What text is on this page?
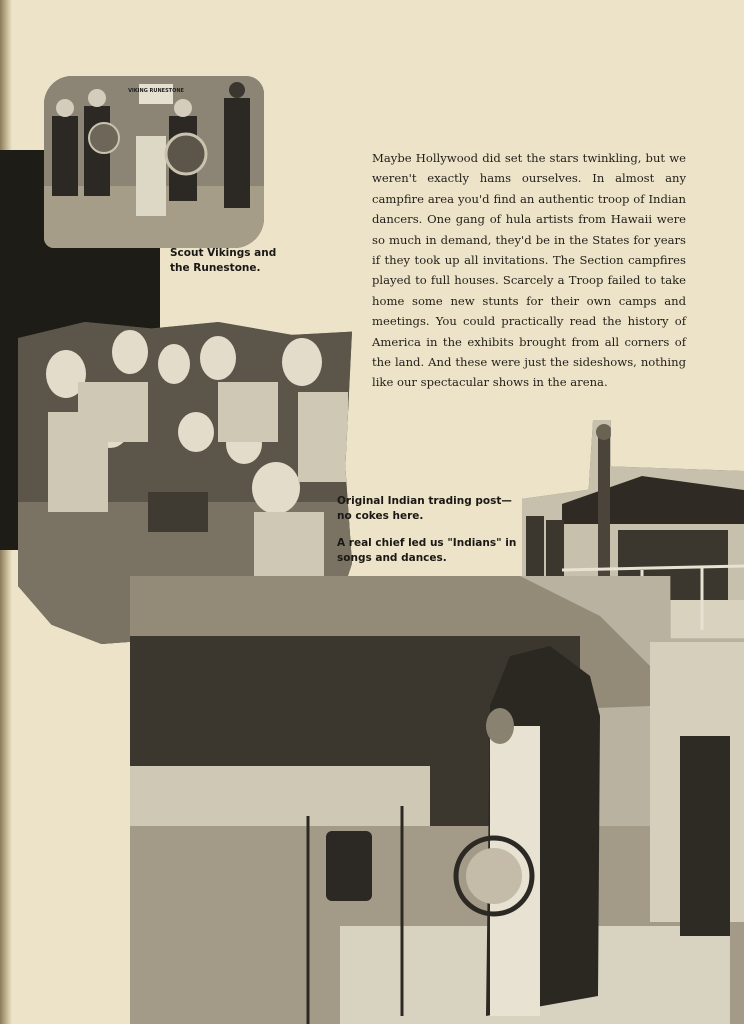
VIKING RUNESTONE

Scout Vikings and the Runestone.

Maybe Hollywood did set the stars twinkling, but we weren't exactly hams ourselves. In almost any campfire area you'd find an authentic troop of Indian dancers. One gang of hula artists from Hawaii were so much in demand, they'd be in the States for years if they took up all invitations. The Section campfires played to full houses. Scarcely a Troop failed to take home some new stunts for their own camps and meetings. You could practically read the history of America in the exhibits brought from all corners of the land. And these were just the sideshows, nothing like our spectacular shows in the arena.

Original Indian trading post— no cokes here.

A real chief led us "Indians" in songs and dances.
